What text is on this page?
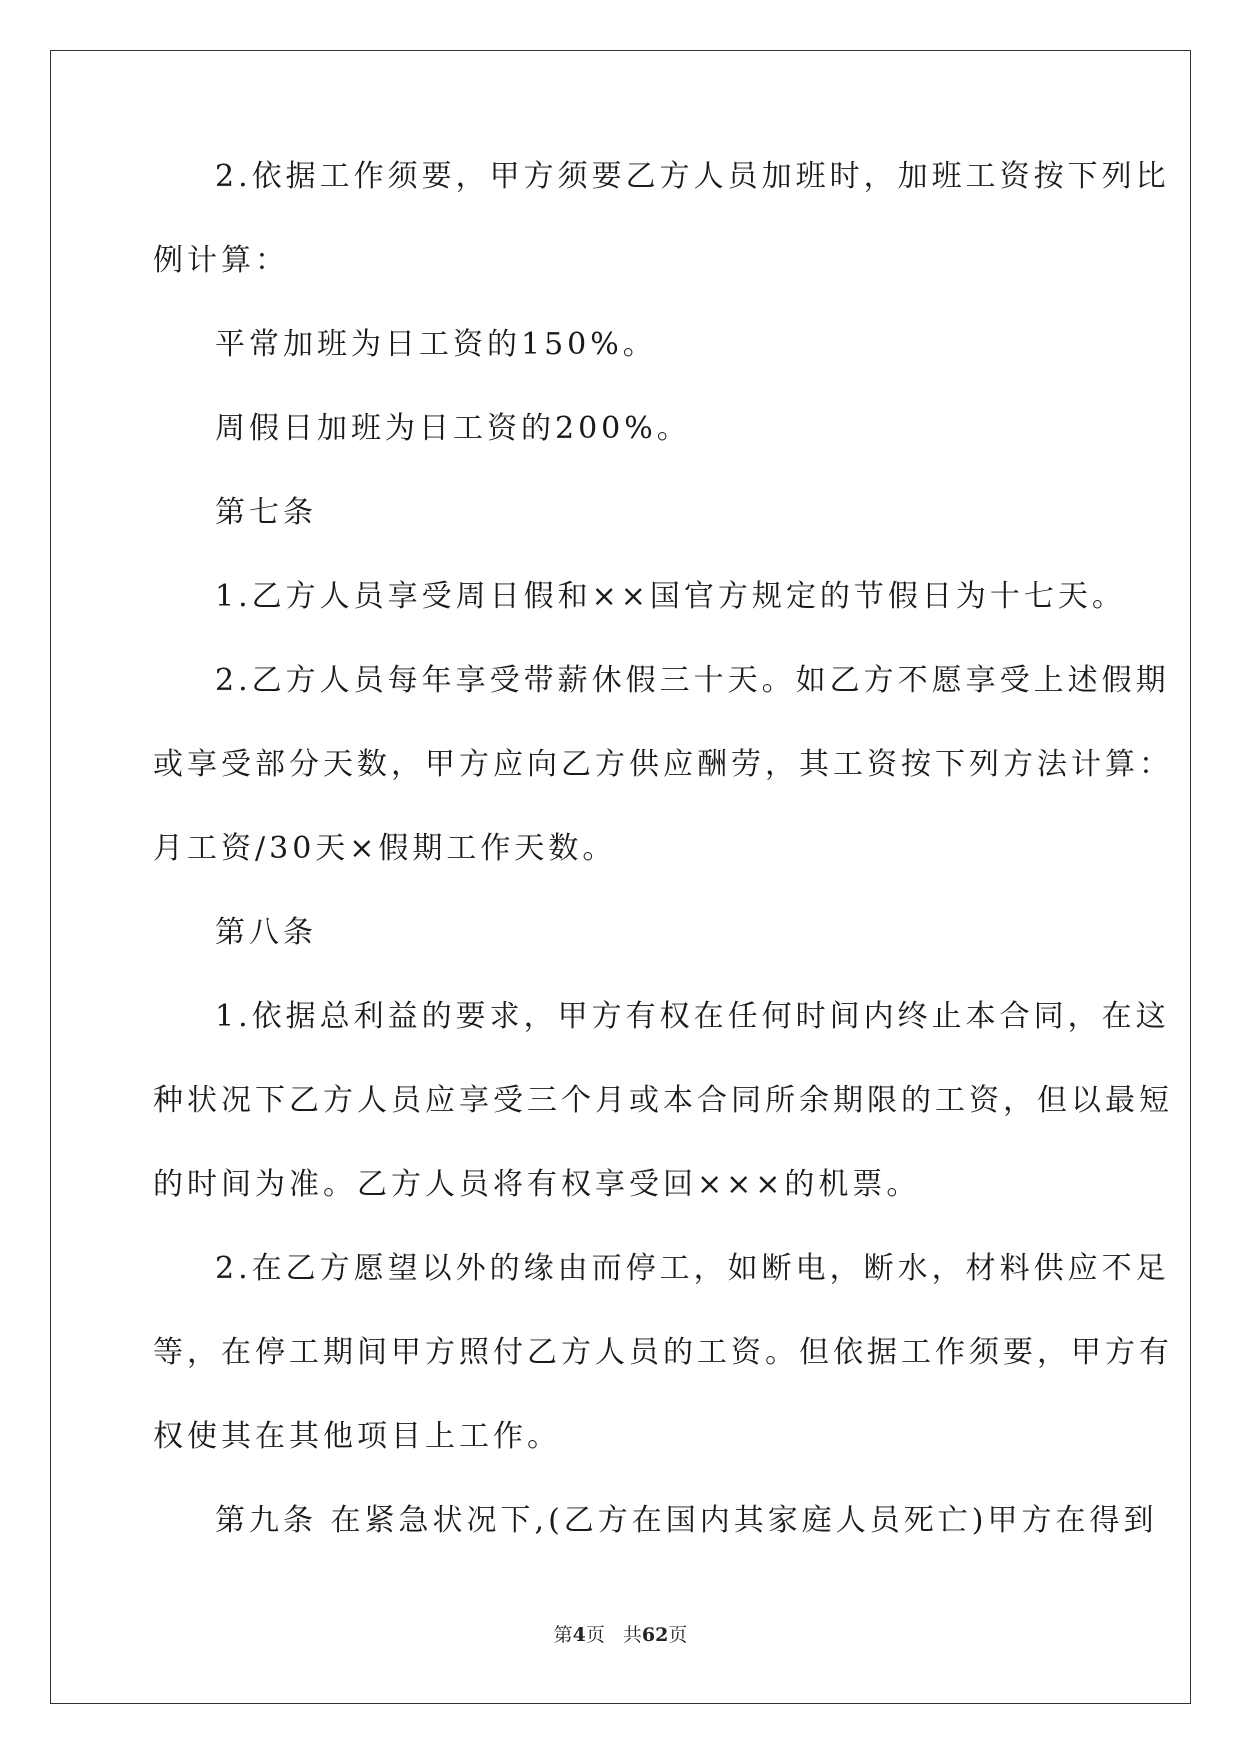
2.依据工作须要，甲方须要乙方人员加班时，加班工资按下列比
例计算：
平常加班为日工资的150%。
周假日加班为日工资的200%。
第七条
1.乙方人员享受周日假和××国官方规定的节假日为十七天。
2.乙方人员每年享受带薪休假三十天。如乙方不愿享受上述假期
或享受部分天数，甲方应向乙方供应酬劳，其工资按下列方法计算：
月工资/30天×假期工作天数。
第八条
1.依据总利益的要求，甲方有权在任何时间内终止本合同，在这
种状况下乙方人员应享受三个月或本合同所余期限的工资，但以最短
的时间为准。乙方人员将有权享受回×××的机票。
2.在乙方愿望以外的缘由而停工，如断电，断水，材料供应不足
等，在停工期间甲方照付乙方人员的工资。但依据工作须要，甲方有
权使其在其他项目上工作。
第九条 在紧急状况下,(乙方在国内其家庭人员死亡)甲方在得到
第4页 共62页
